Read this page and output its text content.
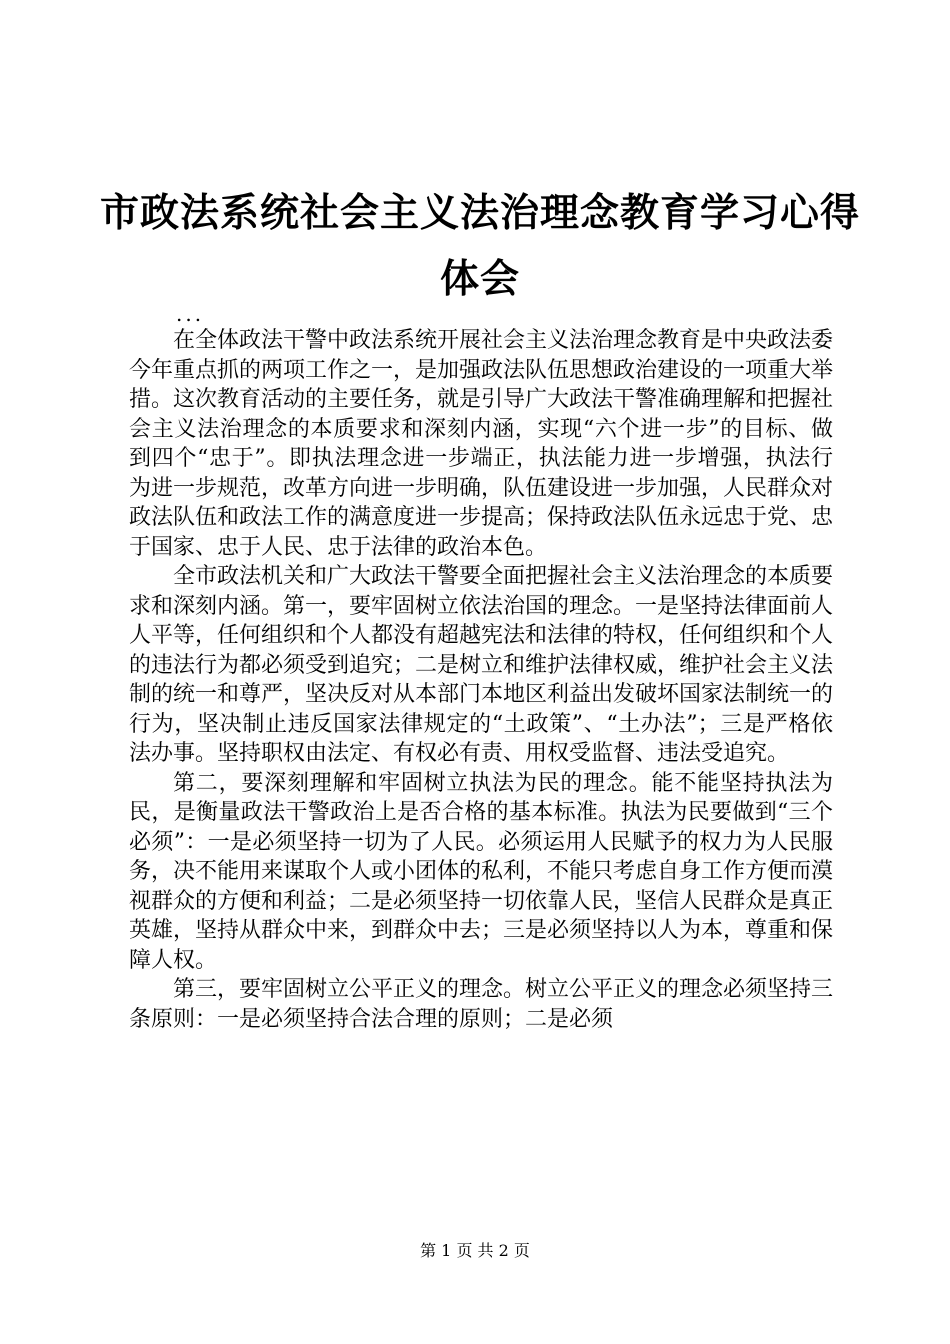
市政法系统社会主义法治理念教育学习心得体会
...

在全体政法干警中政法系统开展社会主义法治理念教育是中央政法委今年重点抓的两项工作之一，是加强政法队伍思想政治建设的一项重大举措。这次教育活动的主要任务，就是引导广大政法干警准确理解和把握社会主义法治理念的本质要求和深刻内涵，实现“六个进一步”的目标、做到四个“忠于”。即执法理念进一步端正，执法能力进一步增强，执法行为进一步规范，改革方向进一步明确，队伍建设进一步加强，人民群众对政法队伍和政法工作的满意度进一步提高；保持政法队伍永远忠于党、忠于国家、忠于人民、忠于法律的政治本色。

全市政法机关和广大政法干警要全面把握社会主义法治理念的本质要求和深刻内涵。第一，要牢固树立依法治国的理念。一是坚持法律面前人人平等，任何组织和个人都没有超越宪法和法律的特权，任何组织和个人的违法行为都必须受到追究；二是树立和维护法律权威，维护社会主义法制的统一和尊严，坚决反对从本部门本地区利益出发破坏国家法制统一的行为，坚决制止违反国家法律规定的“土政策”、“土办法”；三是严格依法办事。坚持职权由法定、有权必有责、用权受监督、违法受追究。

第二，要深刻理解和牢固树立执法为民的理念。能不能坚持执法为民，是衡量政法干警政治上是否合格的基本标准。执法为民要做到“三个必须”：一是必须坚持一切为了人民。必须运用人民赋予的权力为人民服务，决不能用来谋取个人或小团体的私利，不能只考虑自身工作方便而漠视群众的方便和利益；二是必须坚持一切依靠人民，坚信人民群众是真正英雄，坚持从群众中来，到群众中去；三是必须坚持以人为本，尊重和保障人权。

第三，要牢固树立公平正义的理念。树立公平正义的理念必须坚持三条原则：一是必须坚持合法合理的原则；二是必须

第 1 页 共 2 页
